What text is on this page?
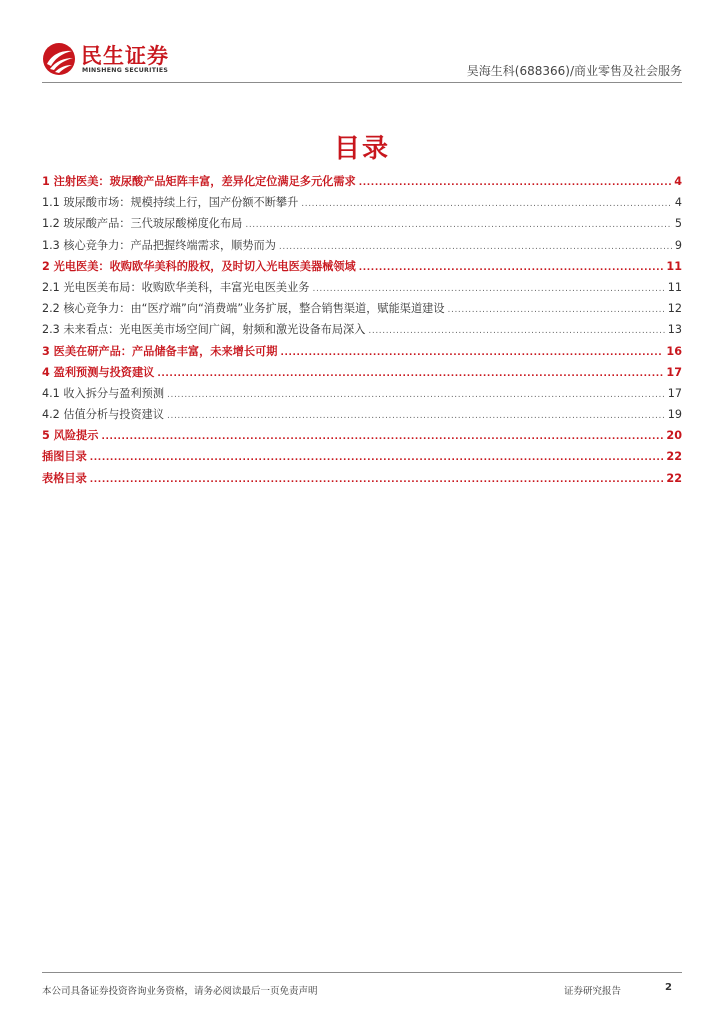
民生证券
MINSHENG SECURITIES	昊海生科(688366)/商业零售及社会服务
目录
1 注射医美：玻尿酸产品矩阵丰富，差异化定位满足多元化需求 .....	4
1.1 玻尿酸市场：规模持续上行，国产份额不断攀升 .....	4
1.2 玻尿酸产品：三代玻尿酸梯度化布局 .....	5
1.3 核心竞争力：产品把握终端需求，顺势而为 .....	9
2 光电医美：收购欧华美科的股权，及时切入光电医美器械领域 .....	11
2.1 光电医美布局：收购欧华美科，丰富光电医美业务 .....	11
2.2 核心竞争力：由“医疗端”向“消费端”业务扩展，整合销售渠道，赋能渠道建设 .....	12
2.3 未来看点：光电医美市场空间广阔，射频和激光设备布局深入 .....	13
3 医美在研产品：产品储备丰富，未来增长可期 .....	16
4 盈利预测与投资建议 .....	17
4.1 收入拆分与盈利预测 .....	17
4.2 估值分析与投资建议 .....	19
5 风险提示 .....	20
插图目录 .....	22
表格目录 .....	22
本公司具备证券投资咨询业务资格，请务必阅读最后一页免责声明	证券研究报告	2
